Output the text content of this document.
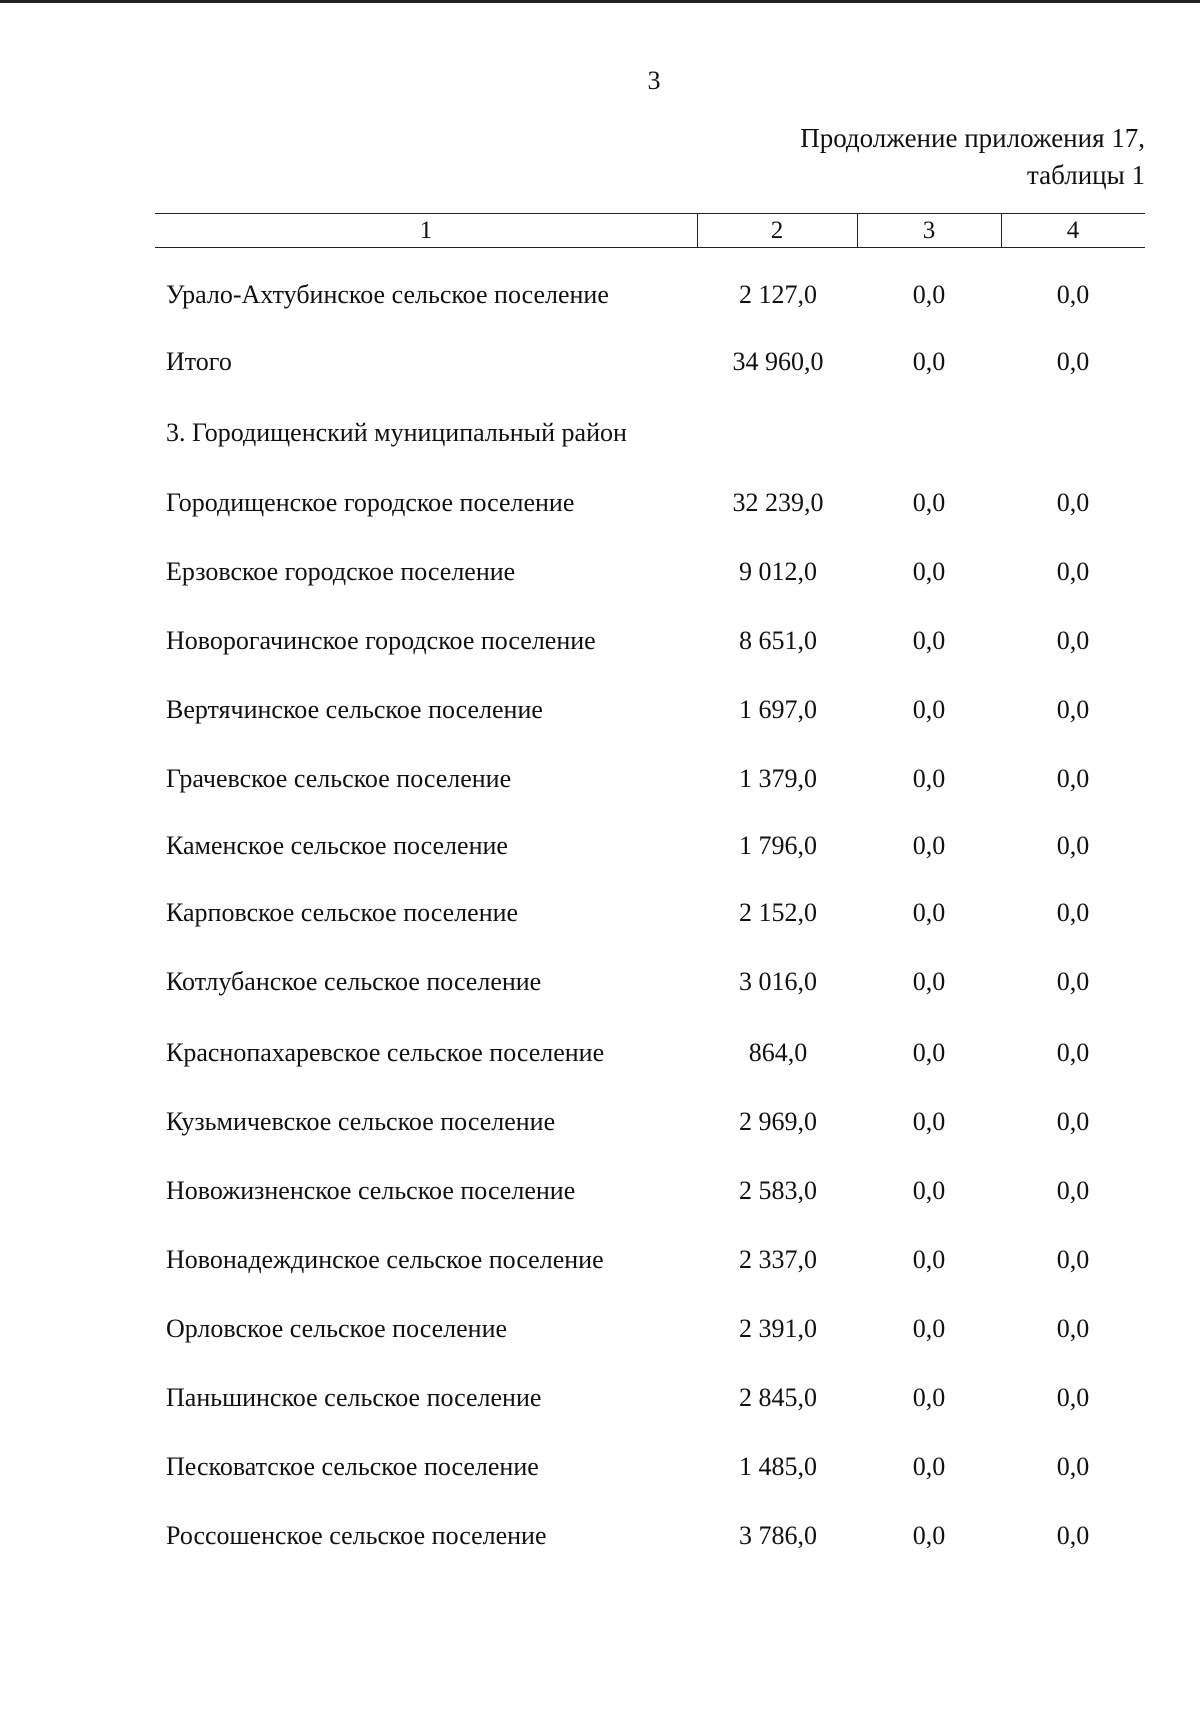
3
Продолжение приложения 17,
таблицы 1
1	2	3	4
Урало-Ахтубинское сельское поселение	2 127,0	0,0	0,0
Итого	34 960,0	0,0	0,0
3. Городищенский муниципальный район
Городищенское городское поселение	32 239,0	0,0	0,0
Ерзовское городское поселение	9 012,0	0,0	0,0
Новорогачинское городское поселение	8 651,0	0,0	0,0
Вертячинское сельское поселение	1 697,0	0,0	0,0
Грачевское сельское поселение	1 379,0	0,0	0,0
Каменское сельское поселение	1 796,0	0,0	0,0
Карповское сельское поселение	2 152,0	0,0	0,0
Котлубанское сельское поселение	3 016,0	0,0	0,0
Краснопахаревское сельское поселение	864,0	0,0	0,0
Кузьмичевское сельское поселение	2 969,0	0,0	0,0
Новожизненское сельское поселение	2 583,0	0,0	0,0
Новонадеждинское сельское поселение	2 337,0	0,0	0,0
Орловское сельское поселение	2 391,0	0,0	0,0
Паньшинское сельское поселение	2 845,0	0,0	0,0
Песковатское сельское поселение	1 485,0	0,0	0,0
Россошенское сельское поселение	3 786,0	0,0	0,0
